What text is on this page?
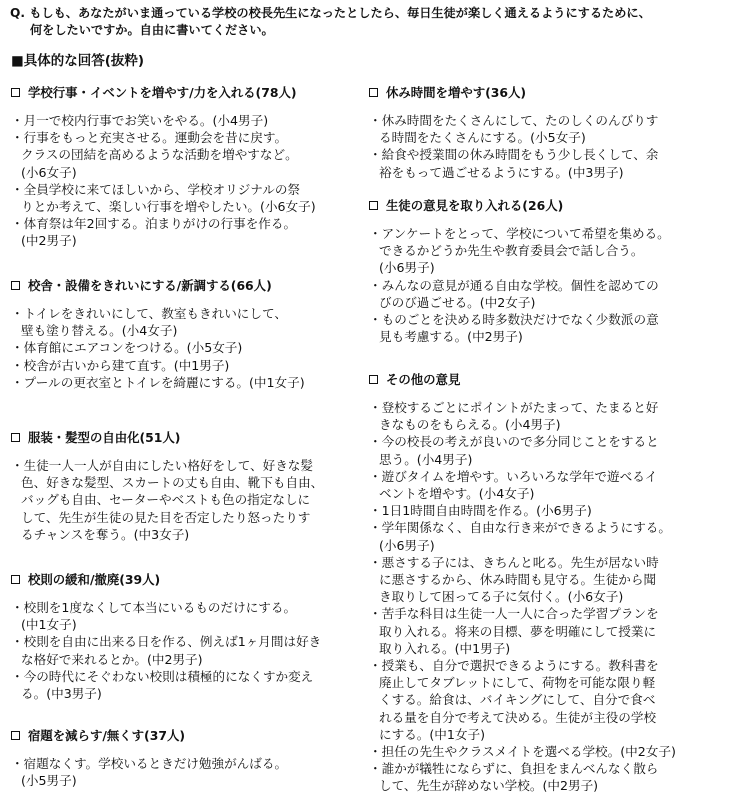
Q. もしも、あなたがいま通っている学校の校長先生になったとしたら、毎日生徒が楽しく通えるようにするために、
何をしたいですか。自由に書いてください。
■具体的な回答(抜粋)
学校行事・イベントを増やす/力を入れる(78人)
・月一で校内行事でお笑いをやる。(小4男子)
・行事をもっと充実させる。運動会を昔に戻す。
クラスの団結を高めるような活動を増やすなど。
(小6女子)
・全員学校に来てほしいから、学校オリジナルの祭
りとか考えて、楽しい行事を増やしたい。(小6女子)
・体育祭は年2回する。泊まりがけの行事を作る。
(中2男子)
校舎・設備をきれいにする/新調する(66人)
・トイレをきれいにして、教室もきれいにして、
壁も塗り替える。(小4女子)
・体育館にエアコンをつける。(小5女子)
・校舎が古いから建て直す。(中1男子)
・プールの更衣室とトイレを綺麗にする。(中1女子)
服装・髪型の自由化(51人)
・生徒一人一人が自由にしたい格好をして、好きな髪
色、好きな髪型、スカートの丈も自由、靴下も自由、
バッグも自由、セーターやベストも色の指定なしに
して、先生が生徒の見た目を否定したり怒ったりす
るチャンスを奪う。(中3女子)
校則の緩和/撤廃(39人)
・校則を1度なくして本当にいるものだけにする。
(中1女子)
・校則を自由に出来る日を作る、例えば1ヶ月間は好き
な格好で来れるとか。(中2男子)
・今の時代にそぐわない校則は積極的になくすか変え
る。(中3男子)
宿題を減らす/無くす(37人)
・宿題なくす。学校いるときだけ勉強がんばる。
(小5男子)
休み時間を増やす(36人)
・休み時間をたくさんにして、たのしくのんびりす
る時間をたくさんにする。(小5女子)
・給食や授業間の休み時間をもう少し長くして、余
裕をもって過ごせるようにする。(中3男子)
生徒の意見を取り入れる(26人)
・アンケートをとって、学校について希望を集める。
できるかどうか先生や教育委員会で話し合う。
(小6男子)
・みんなの意見が通る自由な学校。個性を認めての
びのび過ごせる。(中2女子)
・ものごとを決める時多数決だけでなく少数派の意
見も考慮する。(中2男子)
その他の意見
・登校するごとにポイントがたまって、たまると好
きなものをもらえる。(小4男子)
・今の校長の考えが良いので多分同じことをすると
思う。(小4男子)
・遊びタイムを増やす。いろいろな学年で遊べるイ
ベントを増やす。(小4女子)
・1日1時間自由時間を作る。(小6男子)
・学年関係なく、自由な行き来ができるようにする。
(小6男子)
・悪さする子には、きちんと叱る。先生が居ない時
に悪さするから、休み時間も見守る。生徒から聞
き取りして困ってる子に気付く。(小6女子)
・苦手な科目は生徒一人一人に合った学習プランを
取り入れる。将来の目標、夢を明確にして授業に
取り入れる。(中1男子)
・授業も、自分で選択できるようにする。教科書を
廃止してタブレットにして、荷物を可能な限り軽
くする。給食は、バイキングにして、自分で食べ
れる量を自分で考えて決める。生徒が主役の学校
にする。(中1女子)
・担任の先生やクラスメイトを選べる学校。(中2女子)
・誰かが犠牲にならずに、負担をまんべんなく散ら
して、先生が辞めない学校。(中2男子)
